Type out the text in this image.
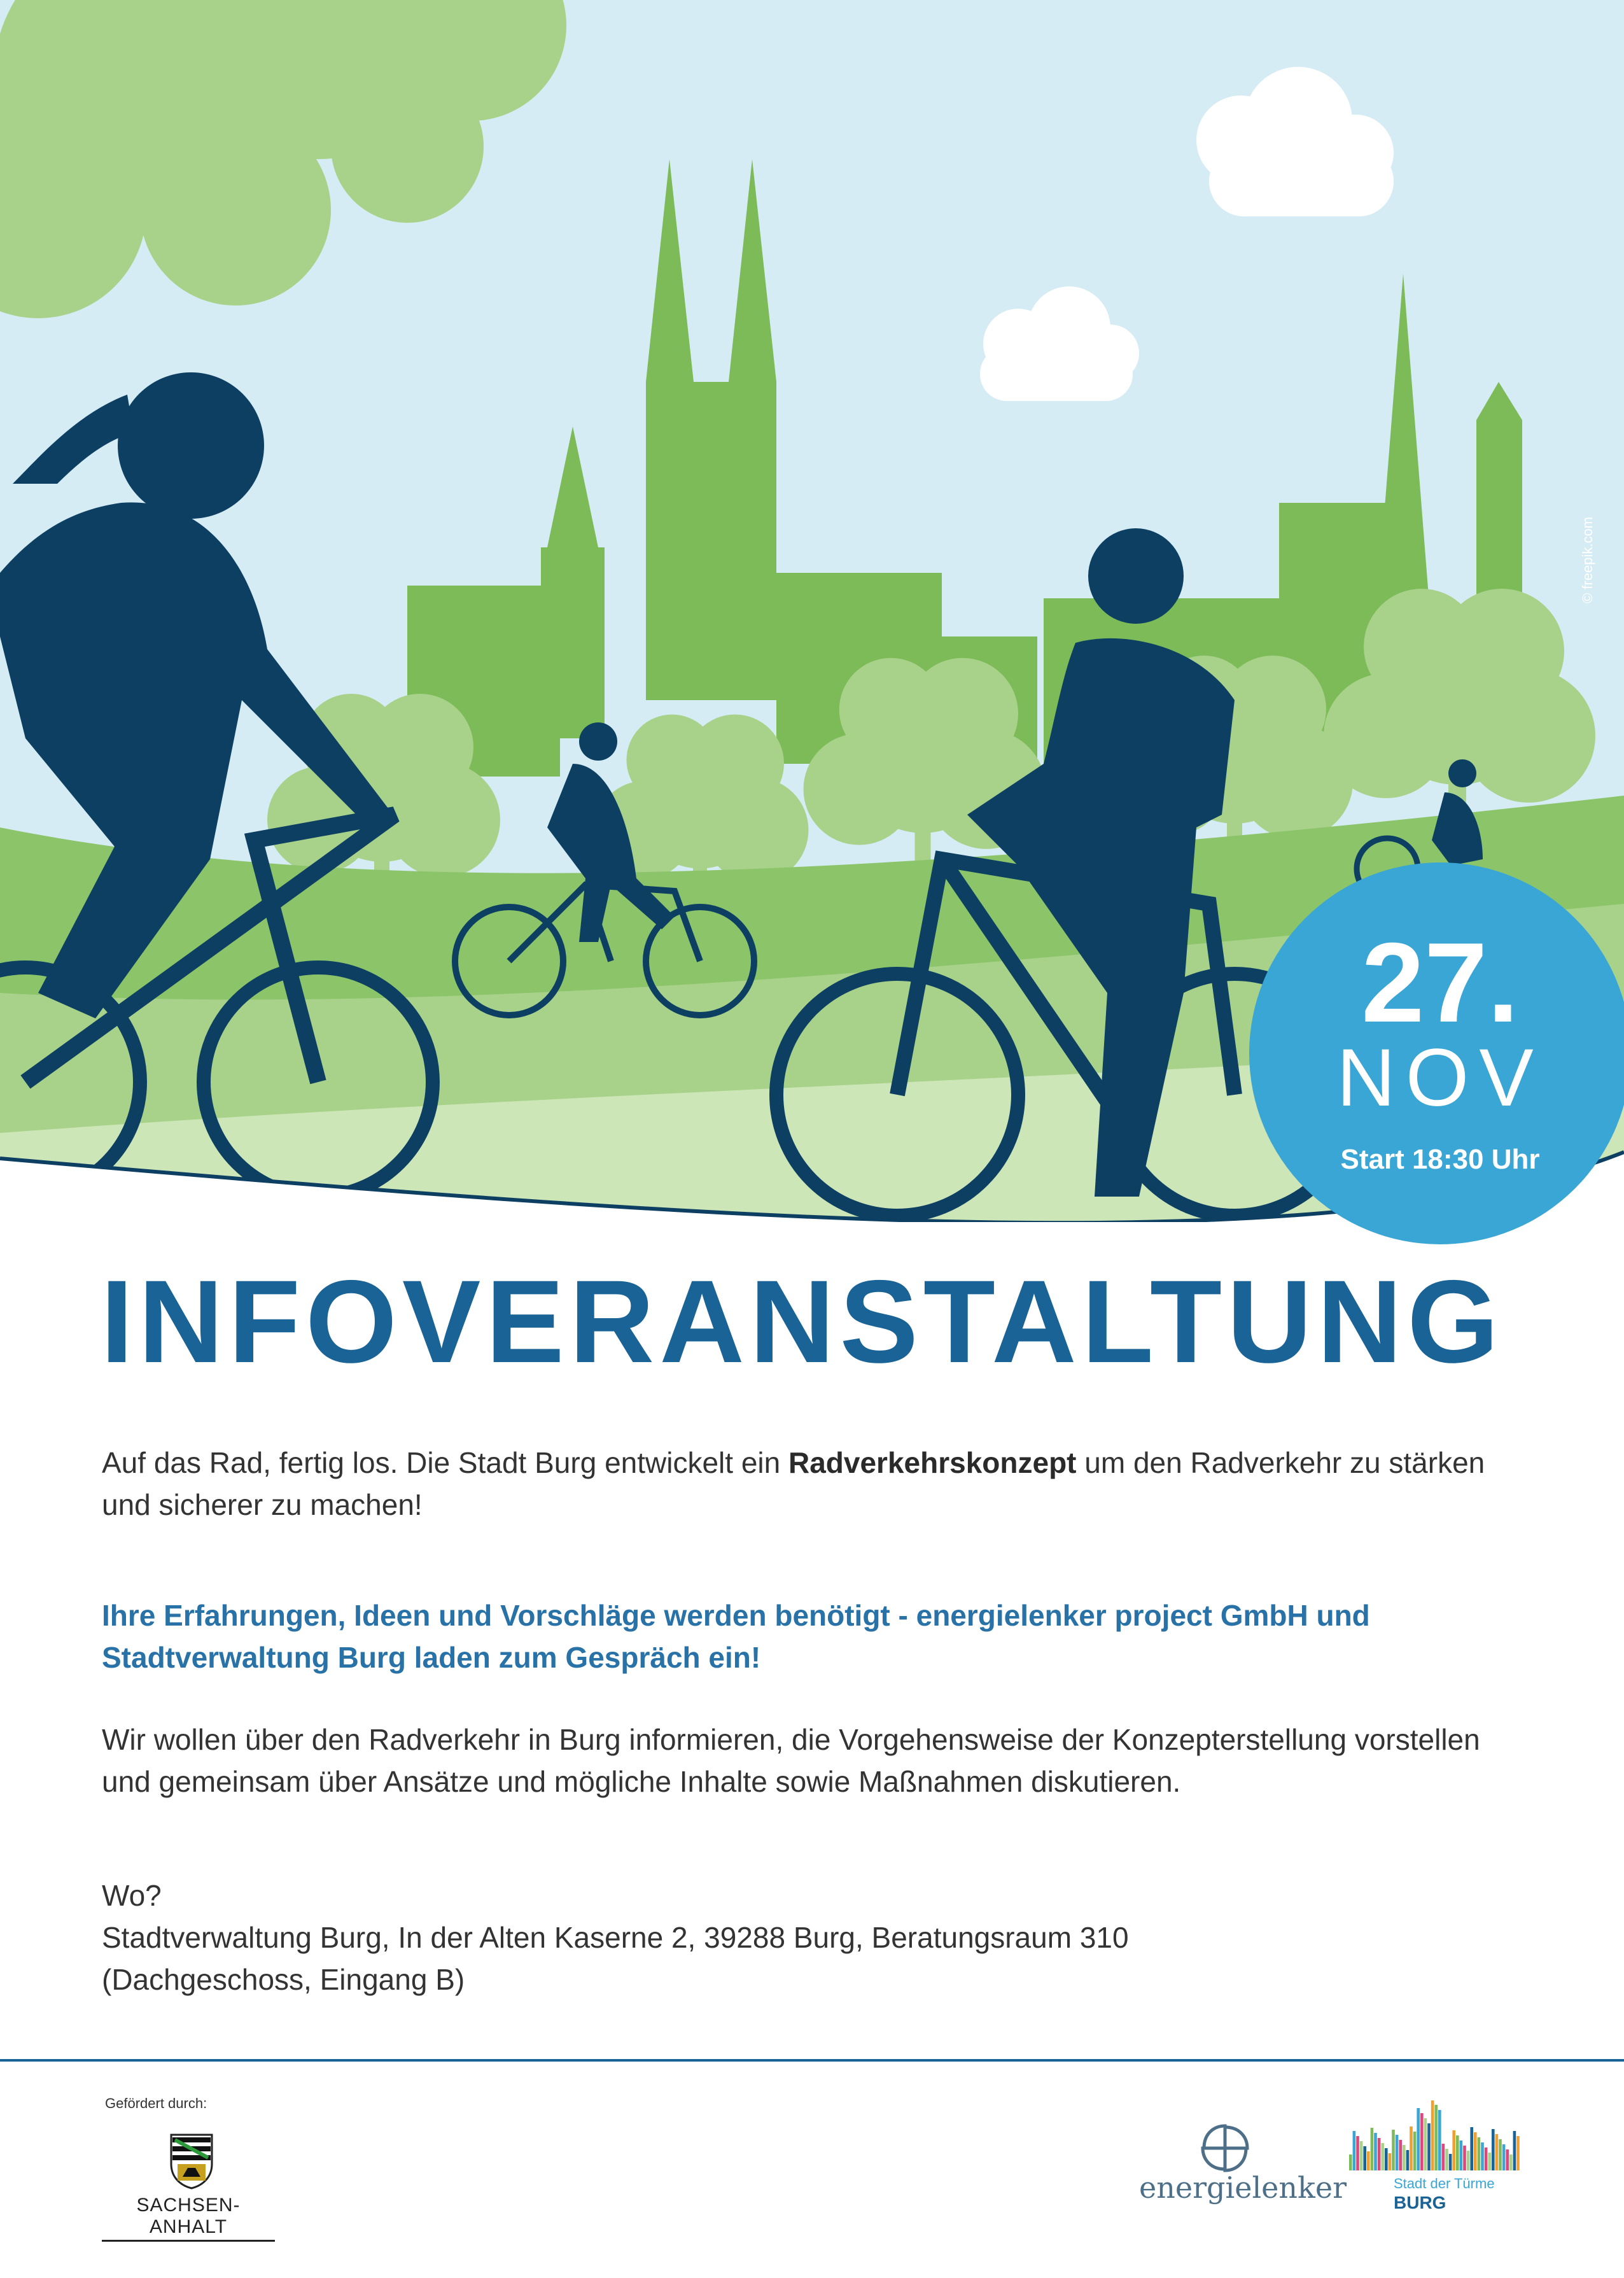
© freepik.com
27.
NOV
Start 18:30 Uhr
INFOVERANSTALTUNG

Auf das Rad, fertig los. Die Stadt Burg entwickelt ein Radverkehrskonzept um den Radverkehr zu stärken und sicherer zu machen!

Ihre Erfahrungen, Ideen und Vorschläge werden benötigt - energielenker project GmbH und Stadtverwaltung Burg laden zum Gespräch ein!

Wir wollen über den Radverkehr in Burg informieren, die Vorgehensweise der Konzepterstellung vorstellen und gemeinsam über Ansätze und mögliche Inhalte sowie Maßnahmen diskutieren.

Wo?
Stadtverwaltung Burg, In der Alten Kaserne 2, 39288 Burg, Beratungsraum 310
(Dachgeschoss, Eingang B)
Gefördert durch:
SACHSEN-ANHALT
energielenker	Stadt der Türme
BURG
